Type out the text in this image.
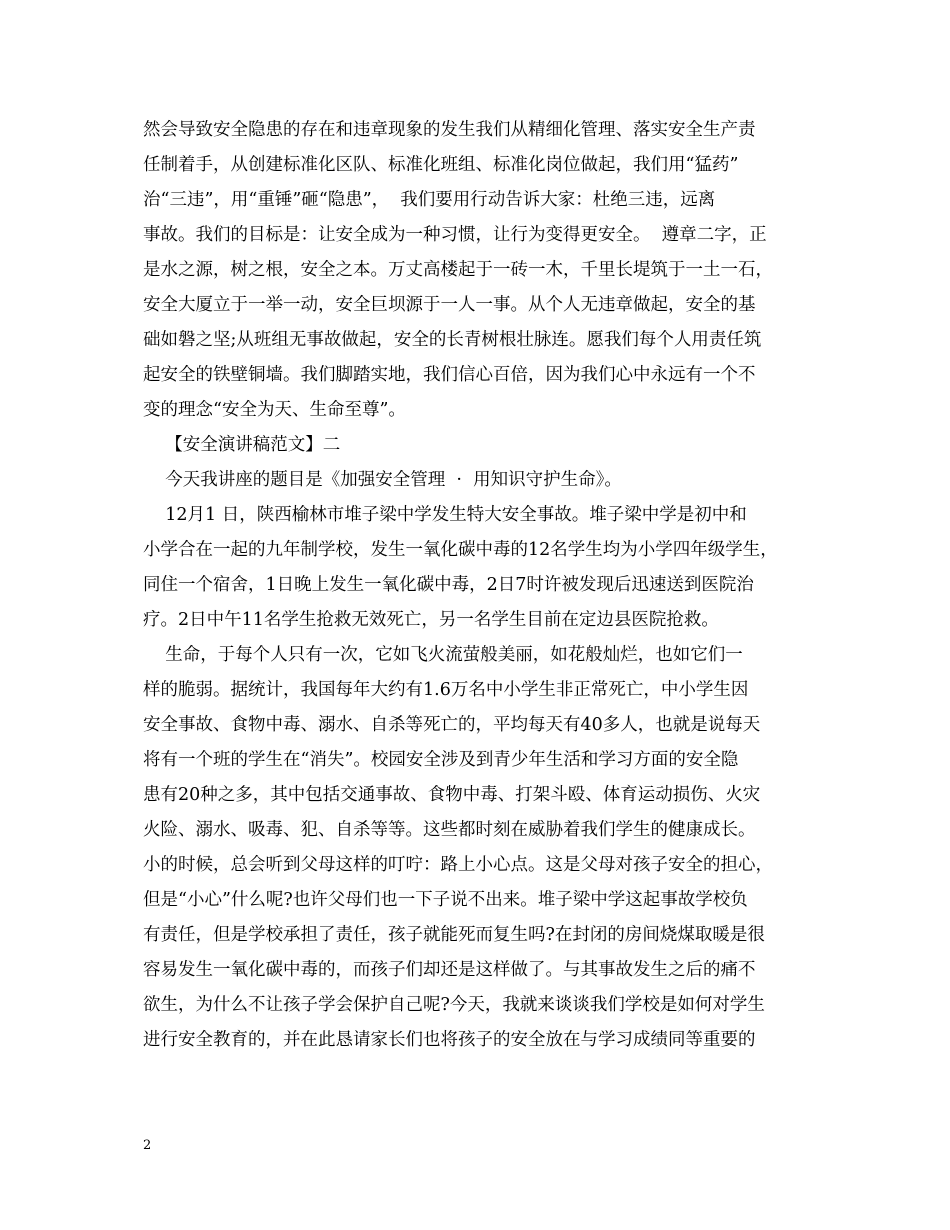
然会导致安全隐患的存在和违章现象的发生我们从精细化管理、落实安全生产责
任制着手，从创建标准化区队、标准化班组、标准化岗位做起，我们用“猛药”
治“三违”，用“重锤”砸“隐患”，  我们要用行动告诉大家：杜绝三违，远离
事故。我们的目标是：让安全成为一种习惯，让行为变得更安全。  遵章二字，正
是水之源，树之根，安全之本。万丈高楼起于一砖一木，千里长堤筑于一土一石，
安全大厦立于一举一动，安全巨坝源于一人一事。从个人无违章做起，安全的基
础如磐之坚;从班组无事故做起，安全的长青树根壮脉连。愿我们每个人用责任筑
起安全的铁壁铜墙。我们脚踏实地，我们信心百倍，因为我们心中永远有一个不
变的理念“安全为天、生命至尊”。
【安全演讲稿范文】二
今天我讲座的题目是《加强安全管理  ·  用知识守护生命》。
12月1 日，陕西榆林市堆子梁中学发生特大安全事故。堆子梁中学是初中和
小学合在一起的九年制学校，发生一氧化碳中毒的12名学生均为小学四年级学生，
同住一个宿舍，1日晚上发生一氧化碳中毒，2日7时许被发现后迅速送到医院治
疗。2日中午11名学生抢救无效死亡，另一名学生目前在定边县医院抢救。
生命，于每个人只有一次，它如飞火流萤般美丽，如花般灿烂，也如它们一
样的脆弱。据统计，我国每年大约有1.6万名中小学生非正常死亡，中小学生因
安全事故、食物中毒、溺水、自杀等死亡的，平均每天有40多人，也就是说每天
将有一个班的学生在“消失”。校园安全涉及到青少年生活和学习方面的安全隐
患有20种之多，其中包括交通事故、食物中毒、打架斗殴、体育运动损伤、火灾
火险、溺水、吸毒、犯、自杀等等。这些都时刻在威胁着我们学生的健康成长。
小的时候，总会听到父母这样的叮咛：路上小心点。这是父母对孩子安全的担心，
但是“小心”什么呢?也许父母们也一下子说不出来。堆子梁中学这起事故学校负
有责任，但是学校承担了责任，孩子就能死而复生吗?在封闭的房间烧煤取暖是很
容易发生一氧化碳中毒的，而孩子们却还是这样做了。与其事故发生之后的痛不
欲生，为什么不让孩子学会保护自己呢?今天，我就来谈谈我们学校是如何对学生
进行安全教育的，并在此恳请家长们也将孩子的安全放在与学习成绩同等重要的
2
